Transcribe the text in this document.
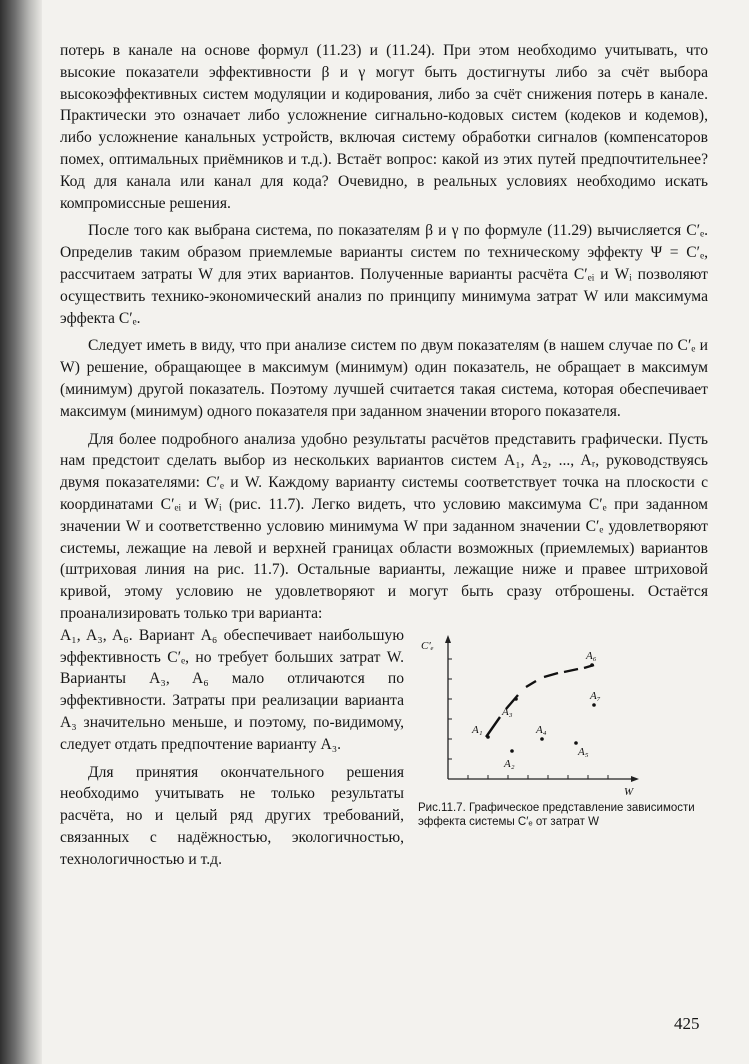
потерь в канале на основе формул (11.23) и (11.24). При этом необходимо учитывать, что высокие показатели эффективности β и γ могут быть достигнуты либо за счёт выбора высокоэффективных систем модуляции и кодирования, либо за счёт снижения потерь в канале. Практически это означает либо усложнение сигнально-кодовых систем (кодеков и кодемов), либо усложнение канальных устройств, включая систему обработки сигналов (компенсаторов помех, оптимальных приёмников и т.д.). Встаёт вопрос: какой из этих путей предпочтительнее? Код для канала или канал для кода? Очевидно, в реальных условиях необходимо искать компромиссные решения.

После того как выбрана система, по показателям β и γ по формуле (11.29) вычисляется C′ₑ. Определив таким образом приемлемые варианты систем по техническому эффекту Ψ = C′ₑ, рассчитаем затраты W для этих вариантов. Полученные варианты расчёта C′ₑᵢ и Wᵢ позволяют осуществить технико-экономический анализ по принципу минимума затрат W или максимума эффекта C′ₑ.

Следует иметь в виду, что при анализе систем по двум показателям (в нашем случае по C′ₑ и W) решение, обращающее в максимум (минимум) один показатель, не обращает в максимум (минимум) другой показатель. Поэтому лучшей считается такая система, которая обеспечивает максимум (минимум) одного показателя при заданном значении второго показателя.

Для более подробного анализа удобно результаты расчётов представить графически. Пусть нам предстоит сделать выбор из нескольких вариантов систем A₁, A₂, ..., Aᵣ, руководствуясь двумя показателями: C′ₑ и W. Каждому варианту системы соответствует точка на плоскости с координатами C′ₑᵢ и Wᵢ (рис. 11.7). Легко видеть, что условию максимума C′ₑ при заданном значении W и соответственно условию минимума W при заданном значении C′ₑ удовлетворяют системы, лежащие на левой и верхней границах области возможных (приемлемых) вариантов (штриховая линия на рис. 11.7). Остальные варианты, лежащие ниже и правее штриховой кривой, этому условию не удовлетворяют и могут быть сразу отброшены. Остаётся проанализировать только три варианта:

C′ₑ
W
A₁
A₂
A₃
A₄
A₅
A₆
A₇
Рис.11.7. Графическое представление зависимости эффекта системы C′ₑ от затрат W

A₁, A₃, A₆. Вариант A₆ обеспечивает наибольшую эффективность C′ₑ, но требует больших затрат W. Варианты A₃, A₆ мало отличаются по эффективности. Затраты при реализации варианта A₃ значительно меньше, и поэтому, по-видимому, следует отдать предпочтение варианту A₃.

Для принятия окончательного решения необходимо учитывать не только результаты расчёта, но и целый ряд других требований, связанных с надёжностью, экологичностью, технологичностью и т.д.

425
